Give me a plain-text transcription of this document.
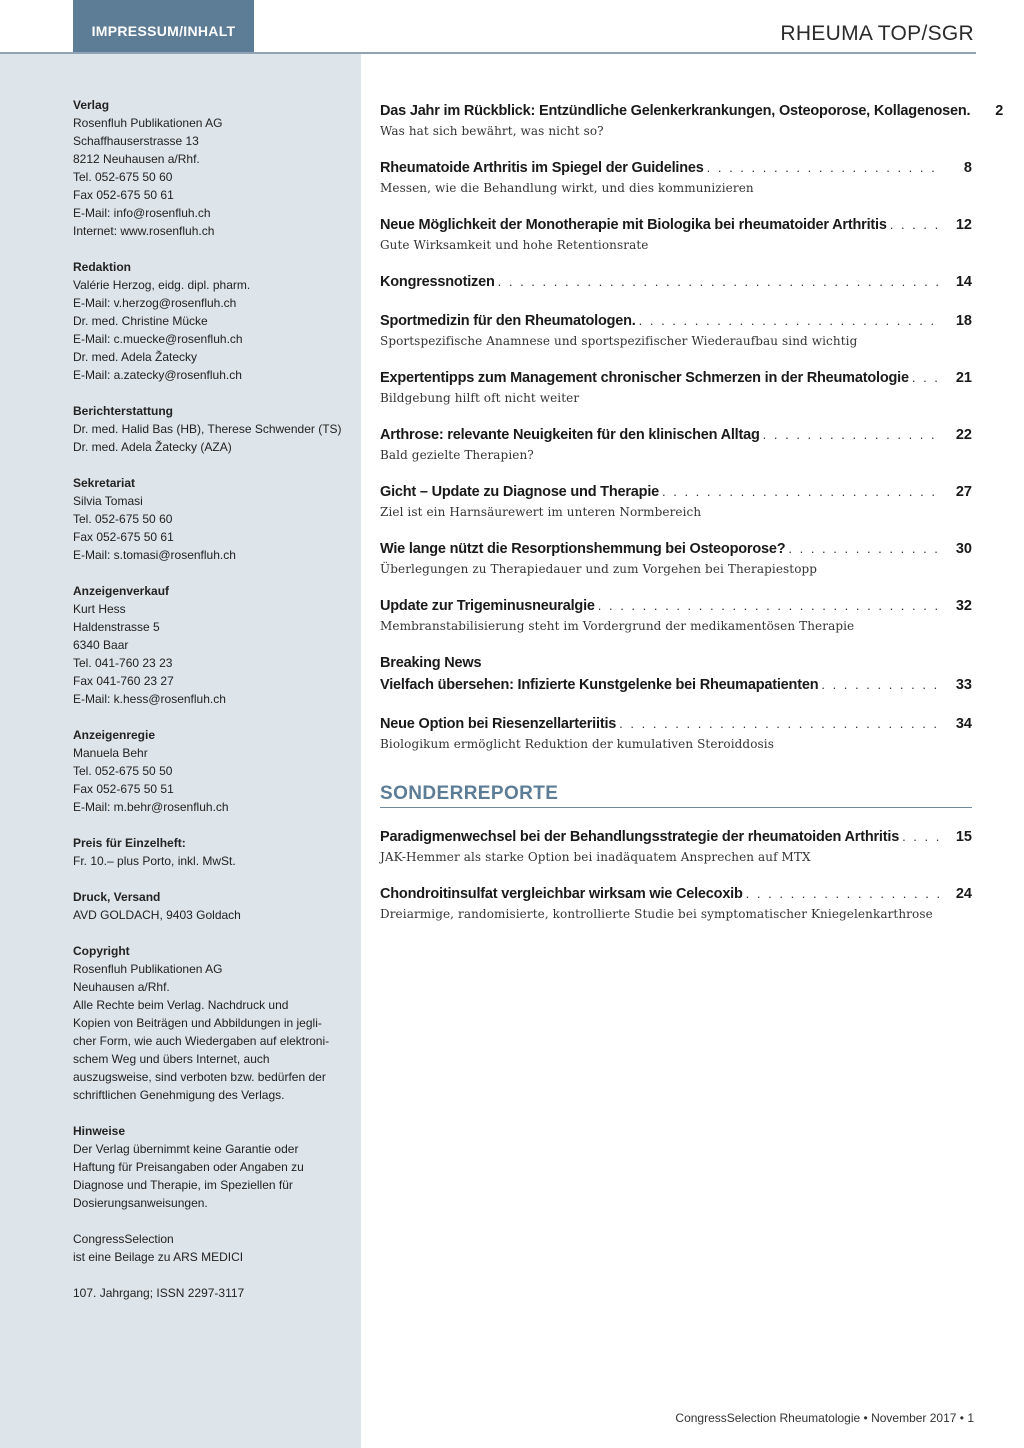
IMPRESSUM/INHALT	RHEUMA TOP/SGR
Verlag
Rosenfluh Publikationen AG
Schaffhauserstrasse 13
8212 Neuhausen a/Rhf.
Tel. 052-675 50 60
Fax 052-675 50 61
E-Mail: info@rosenfluh.ch
Internet: www.rosenfluh.ch
Redaktion
Valérie Herzog, eidg. dipl. pharm.
E-Mail: v.herzog@rosenfluh.ch
Dr. med. Christine Mücke
E-Mail: c.muecke@rosenfluh.ch
Dr. med. Adela Žatecky
E-Mail: a.zatecky@rosenfluh.ch
Berichterstattung
Dr. med. Halid Bas (HB), Therese Schwender (TS)
Dr. med. Adela Žatecky (AZA)
Sekretariat
Silvia Tomasi
Tel. 052-675 50 60
Fax 052-675 50 61
E-Mail: s.tomasi@rosenfluh.ch
Anzeigenverkauf
Kurt Hess
Haldenstrasse 5
6340 Baar
Tel. 041-760 23 23
Fax 041-760 23 27
E-Mail: k.hess@rosenfluh.ch
Anzeigenregie
Manuela Behr
Tel. 052-675 50 50
Fax 052-675 50 51
E-Mail: m.behr@rosenfluh.ch
Preis für Einzelheft:
Fr. 10.– plus Porto, inkl. MwSt.
Druck, Versand
AVD GOLDACH, 9403 Goldach
Copyright
Rosenfluh Publikationen AG
Neuhausen a/Rhf.
Alle Rechte beim Verlag. Nachdruck und
Kopien von Beiträgen und Abbildungen in jegli-
cher Form, wie auch Wiedergaben auf elektroni-
schem Weg und übers Internet, auch
auszugsweise, sind verboten bzw. bedürfen der
schriftlichen Genehmigung des Verlags.
Hinweise
Der Verlag übernimmt keine Garantie oder
Haftung für Preisangaben oder Angaben zu
Diagnose und Therapie, im Speziellen für
Dosierungsanweisungen.
CongressSelection
ist eine Beilage zu ARS MEDICI
107. Jahrgang; ISSN 2297-3117
Das Jahr im Rückblick: Entzündliche Gelenkerkrankungen, Osteoporose, Kollagenosen.	2
Was hat sich bewährt, was nicht so?
Rheumatoide Arthritis im Spiegel der Guidelines . . .	8
Messen, wie die Behandlung wirkt, und dies kommunizieren
Neue Möglichkeit der Monotherapie mit Biologika bei rheumatoider Arthritis . . .	12
Gute Wirksamkeit und hohe Retentionsrate
Kongressnotizen . . .	14
Sportmedizin für den Rheumatologen. . . .	18
Sportspezifische Anamnese und sportspezifischer Wiederaufbau sind wichtig
Expertentipps zum Management chronischer Schmerzen in der Rheumatologie . . .	21
Bildgebung hilft oft nicht weiter
Arthrose: relevante Neuigkeiten für den klinischen Alltag . . .	22
Bald gezielte Therapien?
Gicht – Update zu Diagnose und Therapie . . .	27
Ziel ist ein Harnsäurewert im unteren Normbereich
Wie lange nützt die Resorptionshemmung bei Osteoporose? . . .	30
Überlegungen zu Therapiedauer und zum Vorgehen bei Therapiestopp
Update zur Trigeminusneuralgie . . .	32
Membranstabilisierung steht im Vordergrund der medikamentösen Therapie
Breaking News
Vielfach übersehen: Infizierte Kunstgelenke bei Rheumapatienten . . .	33
Neue Option bei Riesenzellarteriitis . . .	34
Biologikum ermöglicht Reduktion der kumulativen Steroiddosis
SONDERREPORTE
Paradigmenwechsel bei der Behandlungsstrategie der rheumatoiden Arthritis . . .	15
JAK-Hemmer als starke Option bei inadäquatem Ansprechen auf MTX
Chondroitinsulfat vergleichbar wirksam wie Celecoxib . . .	24
Dreiarmige, randomisierte, kontrollierte Studie bei symptomatischer Kniegelenkarthrose
CongressSelection Rheumatologie • November 2017 • 1
